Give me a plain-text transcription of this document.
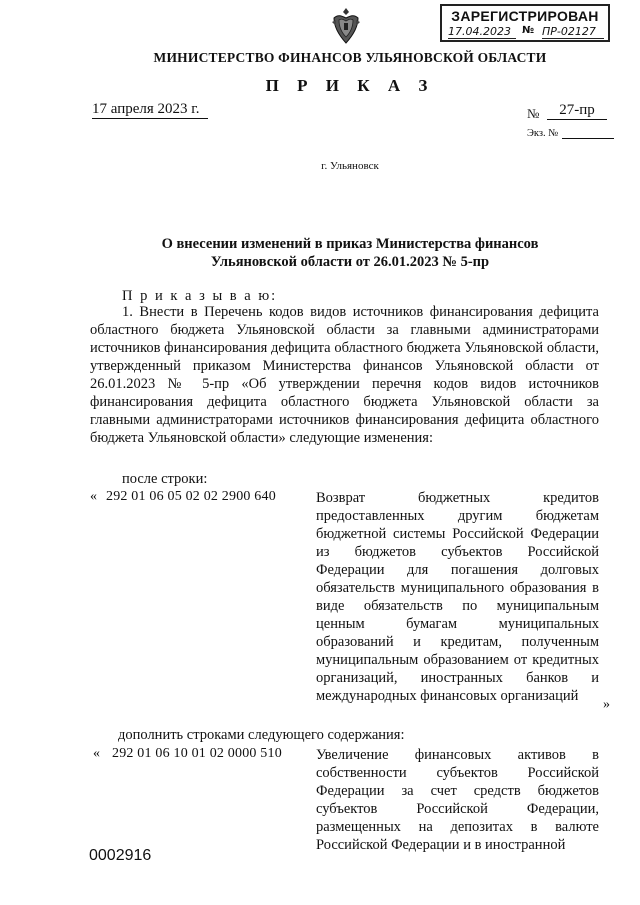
ЗАРЕГИСТРИРОВАН
17.04.2023	№ ПР-02127
МИНИСТЕРСТВО ФИНАНСОВ УЛЬЯНОВСКОЙ ОБЛАСТИ
П Р И К А З
17 апреля 2023 г.	№	27-пр
Экз. №
г. Ульяновск
О внесении изменений в приказ Министерства финансов
Ульяновской области от 26.01.2023 № 5-пр
П р и к а з ы в а ю:
1. Внести в Перечень кодов видов источников финансирования дефицита областного бюджета Ульяновской области за главными администраторами источников финансирования дефицита областного бюджета Ульяновской области, утвержденный приказом Министерства финансов Ульяновской области от 26.01.2023 № 5-пр «Об утверждении перечня кодов видов источников финансирования дефицита областного бюджета Ульяновской области за главными администраторами источников финансирования дефицита областного бюджета Ульяновской области» следующие изменения:
после строки:
« 292 01 06 05 02 02 2900 640	Возврат бюджетных кредитов предоставленных другим бюджетам бюджетной системы Российской Федерации из бюджетов субъектов Российской Федерации для погашения долговых обязательств муниципального образования в виде обязательств по муниципальным ценным бумагам муниципальных образований и кредитам, полученным муниципальным образованием от кредитных организаций, иностранных банков и международных финансовых организаций
»
дополнить строками следующего содержания:
« 292 01 06 10 01 02 0000 510 Увеличение финансовых активов в собственности субъектов Российской Федерации за счет средств бюджетов субъектов Российской Федерации, размещенных на депозитах в валюте Российской Федерации и в иностранной
0002916
